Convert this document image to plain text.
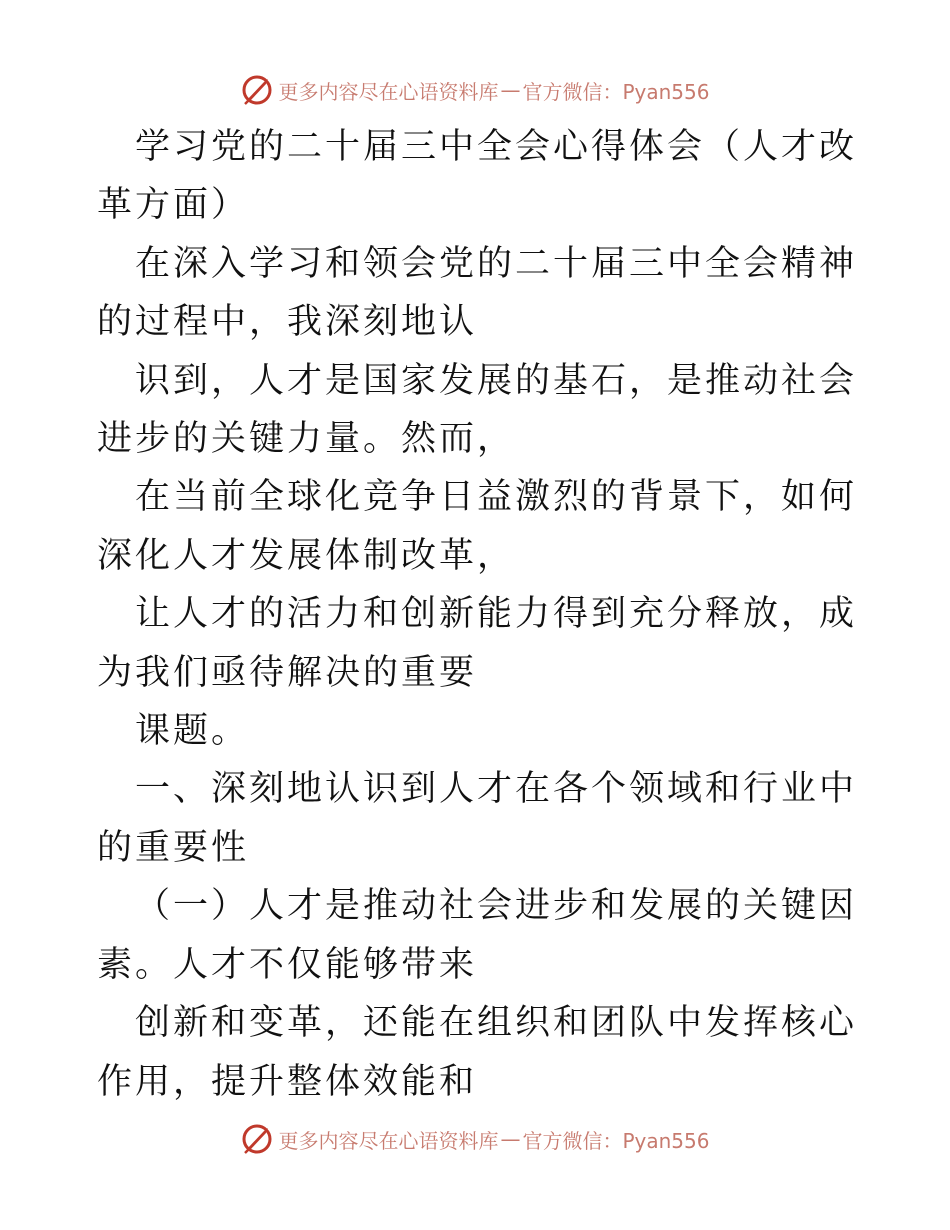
更多内容尽在心语资料库 — 官方微信：Pyan556

学习党的二十届三中全会心得体会（人才改革方面）

在深入学习和领会党的二十届三中全会精神的过程中，我深刻地认

识到，人才是国家发展的基石，是推动社会进步的关键力量。然而，

在当前全球化竞争日益激烈的背景下，如何深化人才发展体制改革，

让人才的活力和创新能力得到充分释放，成为我们亟待解决的重要

课题。

一、深刻地认识到人才在各个领域和行业中的重要性

（一）人才是推动社会进步和发展的关键因素。人才不仅能够带来

创新和变革，还能在组织和团队中发挥核心作用，提升整体效能和

更多内容尽在心语资料库 — 官方微信：Pyan556
